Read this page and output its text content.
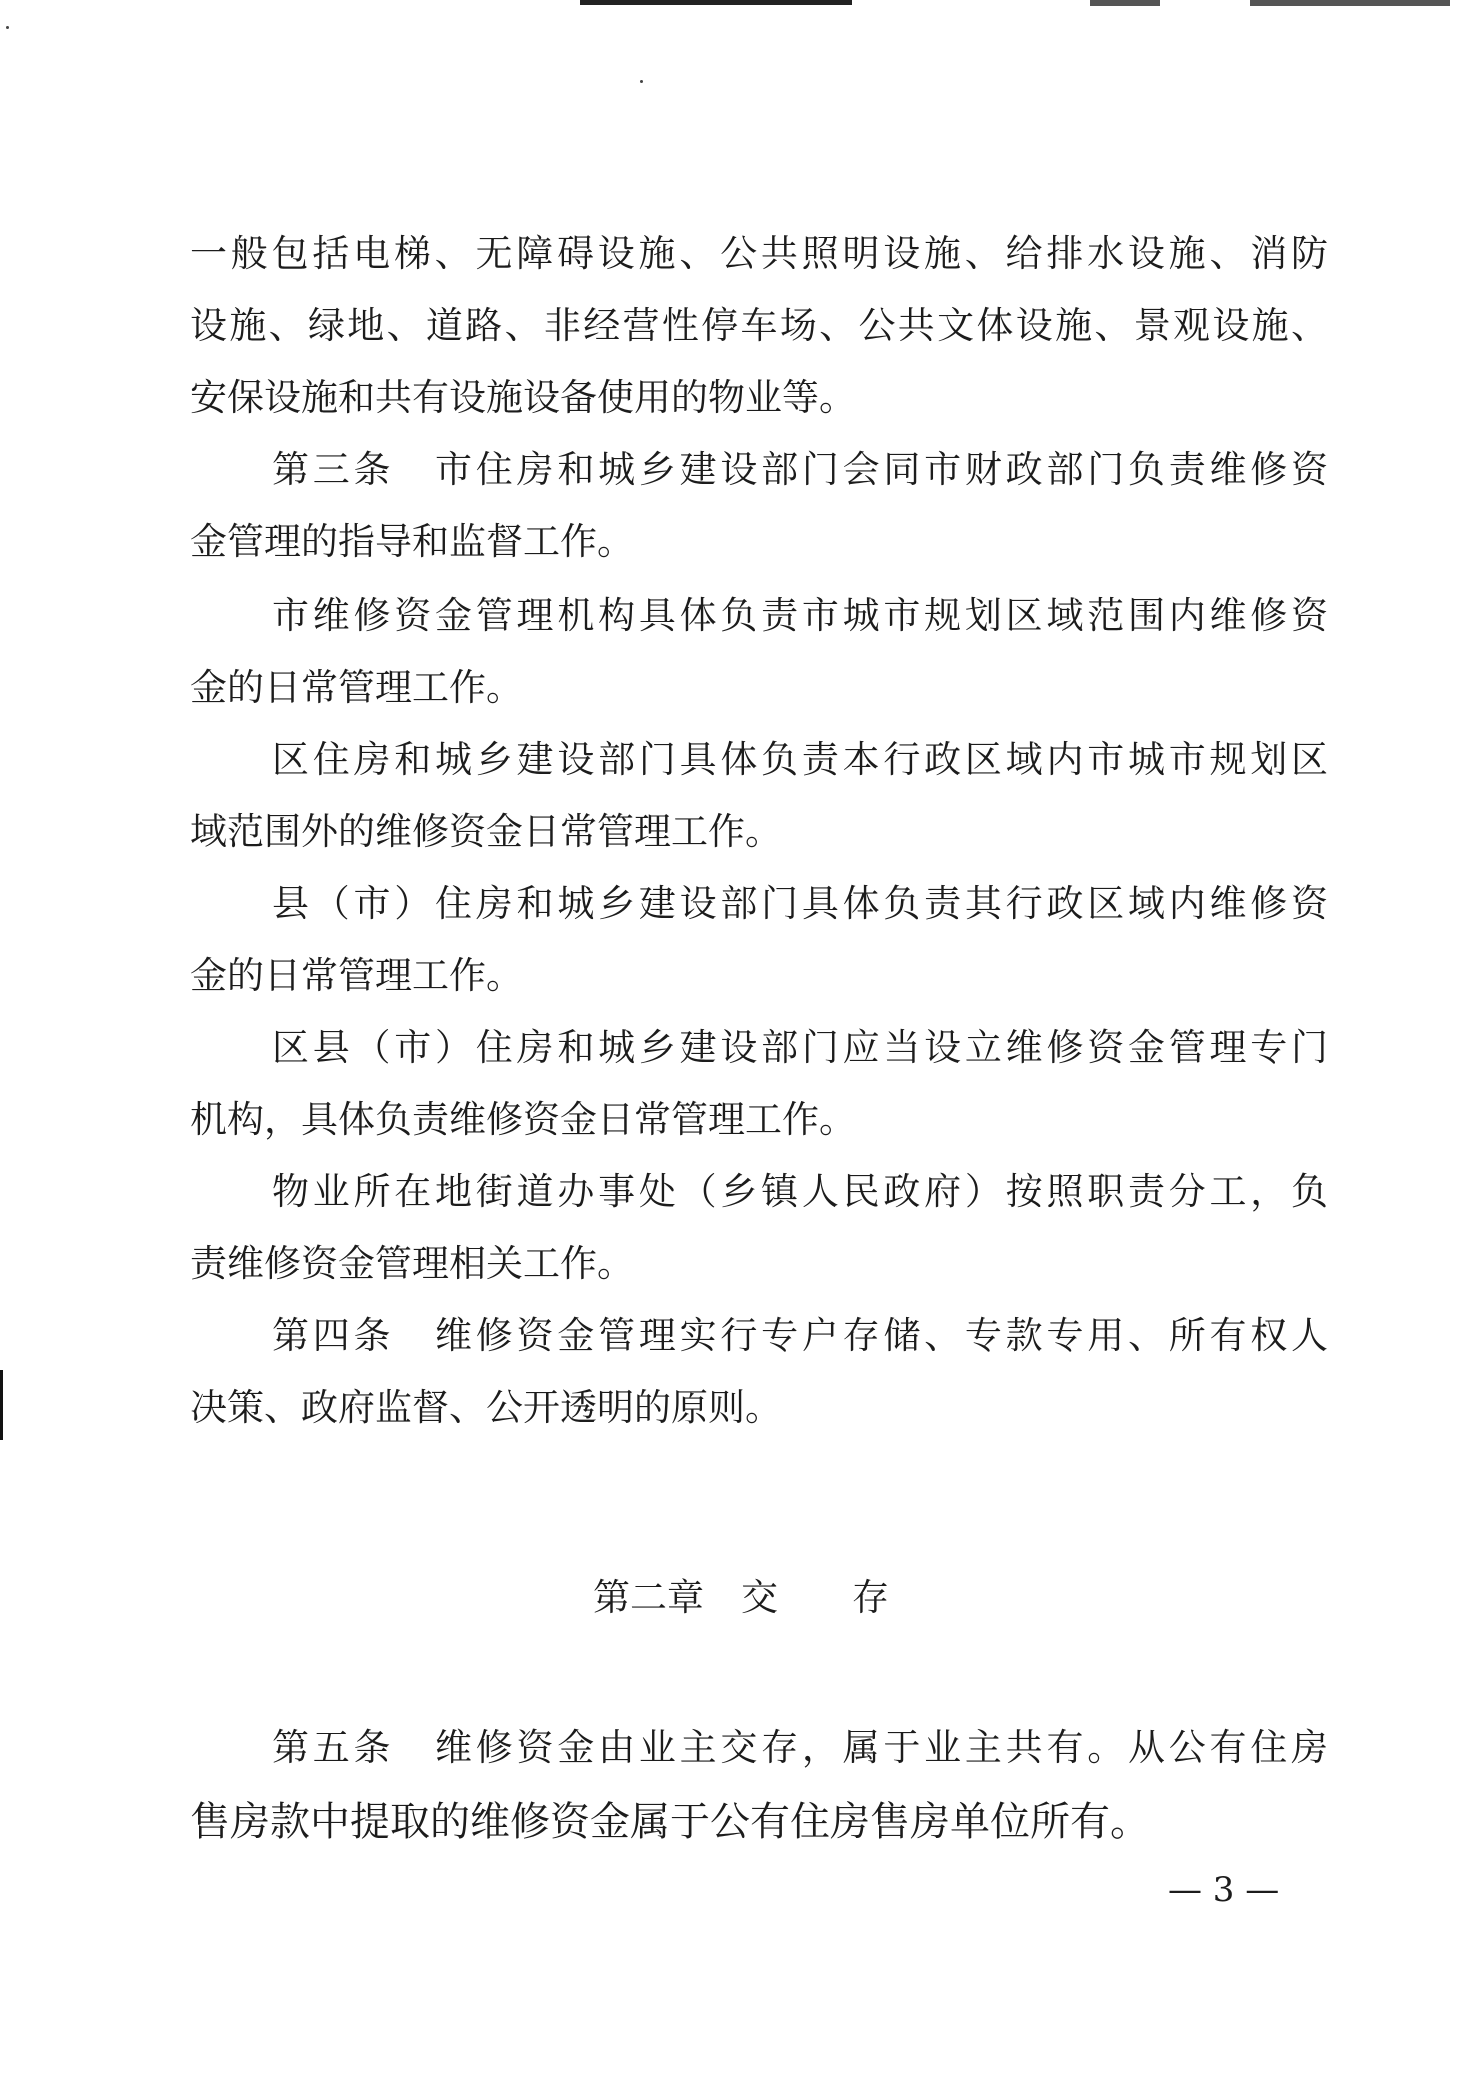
一般包括电梯、无障碍设施、公共照明设施、给排水设施、消防
设施、绿地、道路、非经营性停车场、公共文体设施、景观设施、
安保设施和共有设施设备使用的物业等。
第三条　市住房和城乡建设部门会同市财政部门负责维修资
金管理的指导和监督工作。
市维修资金管理机构具体负责市城市规划区域范围内维修资
金的日常管理工作。
区住房和城乡建设部门具体负责本行政区域内市城市规划区
域范围外的维修资金日常管理工作。
县（市）住房和城乡建设部门具体负责其行政区域内维修资
金的日常管理工作。
区县（市）住房和城乡建设部门应当设立维修资金管理专门
机构，具体负责维修资金日常管理工作。
物业所在地街道办事处（乡镇人民政府）按照职责分工，负
责维修资金管理相关工作。
第四条　维修资金管理实行专户存储、专款专用、所有权人
决策、政府监督、公开透明的原则。
第二章　交　　存
第五条　维修资金由业主交存，属于业主共有。从公有住房
售房款中提取的维修资金属于公有住房售房单位所有。
— 3 —
